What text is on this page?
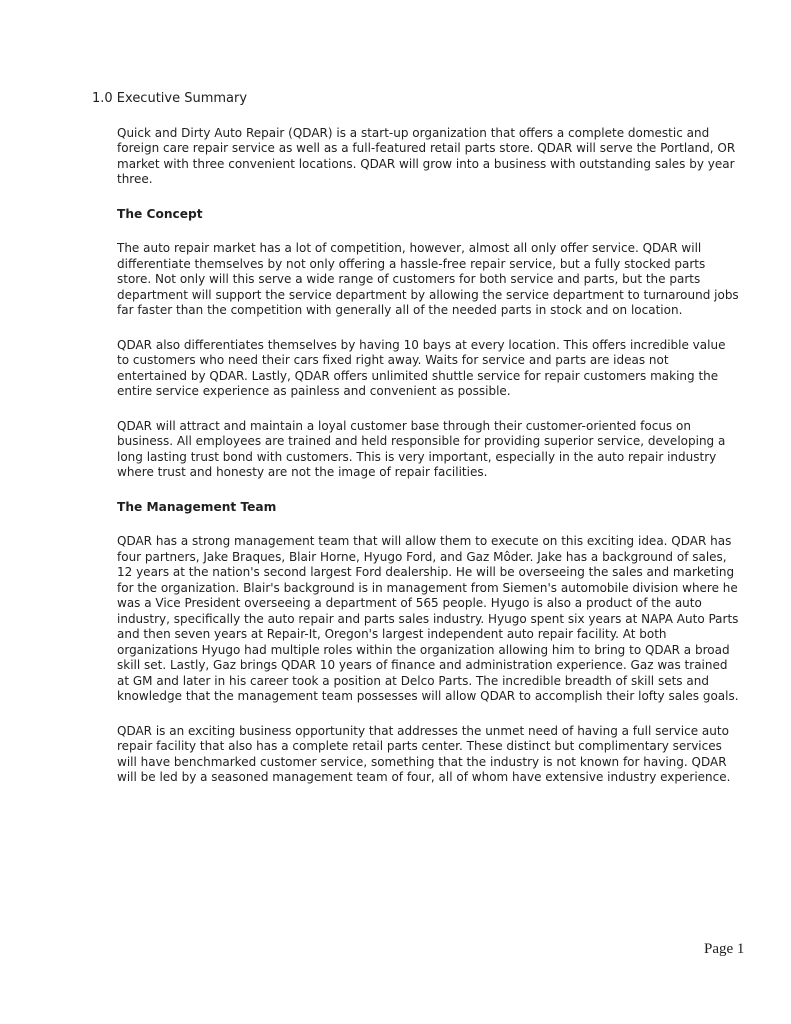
1.0 Executive Summary

Quick and Dirty Auto Repair (QDAR) is a start-up organization that offers a complete domestic and foreign care repair service as well as a full-featured retail parts store. QDAR will serve the Portland, OR market with three convenient locations. QDAR will grow into a business with outstanding sales by year three.

The Concept

The auto repair market has a lot of competition, however, almost all only offer service. QDAR will differentiate themselves by not only offering a hassle-free repair service, but a fully stocked parts store. Not only will this serve a wide range of customers for both service and parts, but the parts department will support the service department by allowing the service department to turnaround jobs far faster than the competition with generally all of the needed parts in stock and on location.

QDAR also differentiates themselves by having 10 bays at every location. This offers incredible value to customers who need their cars fixed right away. Waits for service and parts are ideas not entertained by QDAR. Lastly, QDAR offers unlimited shuttle service for repair customers making the entire service experience as painless and convenient as possible.

QDAR will attract and maintain a loyal customer base through their customer-oriented focus on business. All employees are trained and held responsible for providing superior service, developing a long lasting trust bond with customers. This is very important, especially in the auto repair industry where trust and honesty are not the image of repair facilities.

The Management Team

QDAR has a strong management team that will allow them to execute on this exciting idea. QDAR has four partners, Jake Braques, Blair Horne, Hyugo Ford, and Gaz Môder. Jake has a background of sales, 12 years at the nation's second largest Ford dealership. He will be overseeing the sales and marketing for the organization. Blair's background is in management from Siemen's automobile division where he was a Vice President overseeing a department of 565 people. Hyugo is also a product of the auto industry, specifically the auto repair and parts sales industry. Hyugo spent six years at NAPA Auto Parts and then seven years at Repair-It, Oregon's largest independent auto repair facility. At both organizations Hyugo had multiple roles within the organization allowing him to bring to QDAR a broad skill set. Lastly, Gaz brings QDAR 10 years of finance and administration experience. Gaz was trained at GM and later in his career took a position at Delco Parts. The incredible breadth of skill sets and knowledge that the management team possesses will allow QDAR to accomplish their lofty sales goals.

QDAR is an exciting business opportunity that addresses the unmet need of having a full service auto repair facility that also has a complete retail parts center. These distinct but complimentary services will have benchmarked customer service, something that the industry is not known for having. QDAR will be led by a seasoned management team of four, all of whom have extensive industry experience.

Page 1
